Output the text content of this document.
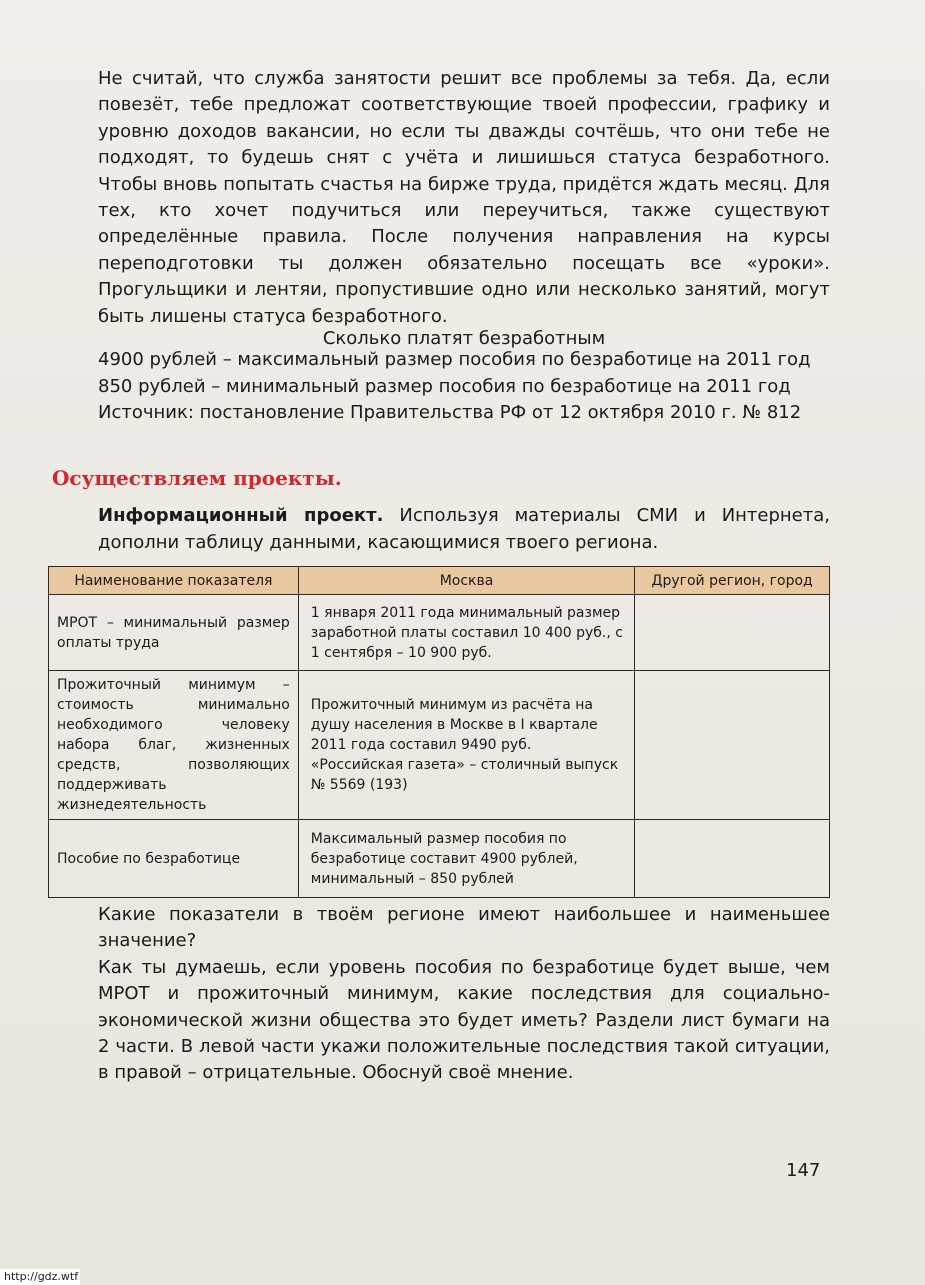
Не считай, что служба занятости решит все проблемы за тебя. Да, если повезёт, тебе предложат соответствующие твоей профессии, графику и уровню доходов вакансии, но если ты дважды сочтёшь, что они тебе не подходят, то будешь снят с учёта и лишишься статуса безработного. Чтобы вновь попытать счастья на бирже труда, придётся ждать месяц. Для тех, кто хочет подучиться или переучиться, также существуют определённые правила. После получения направления на курсы переподготовки ты должен обязательно посещать все «уроки». Прогульщики и лентяи, пропустившие одно или несколько занятий, могут быть лишены статуса безработного.

Сколько платят безработным

4900 рублей – максимальный размер пособия по безработице на 2011 год

850 рублей – минимальный размер пособия по безработице на 2011 год

Источник: постановление Правительства РФ от 12 октября 2010 г. № 812

Осуществляем проекты.

Информационный проект. Используя материалы СМИ и Интернета, дополни таблицу данными, касающимися твоего региона.

Наименование показателя	Москва	Другой регион, город
МРОТ – минимальный размер оплаты труда	1 января 2011 года минимальный размер заработной платы составил 10 400 руб., с 1 сентября – 10 900 руб.	
Прожиточный минимум – стоимость минимально необходимого человеку набора благ, жизненных средств, позволяющих поддерживать жизнедеятельность	Прожиточный минимум из расчёта на душу населения в Москве в I квартале 2011 года составил 9490 руб.
«Российская газета» – столичный выпуск № 5569 (193)	

Пособие по безработице	Максимальный размер пособия по безработице составит 4900 рублей, минимальный – 850 рублей	

Какие показатели в твоём регионе имеют наибольшее и наименьшее значение?

Как ты думаешь, если уровень пособия по безработице будет выше, чем МРОТ и прожиточный минимум, какие последствия для социально-экономической жизни общества это будет иметь? Раздели лист бумаги на 2 части. В левой части укажи положительные последствия такой ситуации, в правой – отрицательные. Обоснуй своё мнение.

147
http://gdz.wtf
